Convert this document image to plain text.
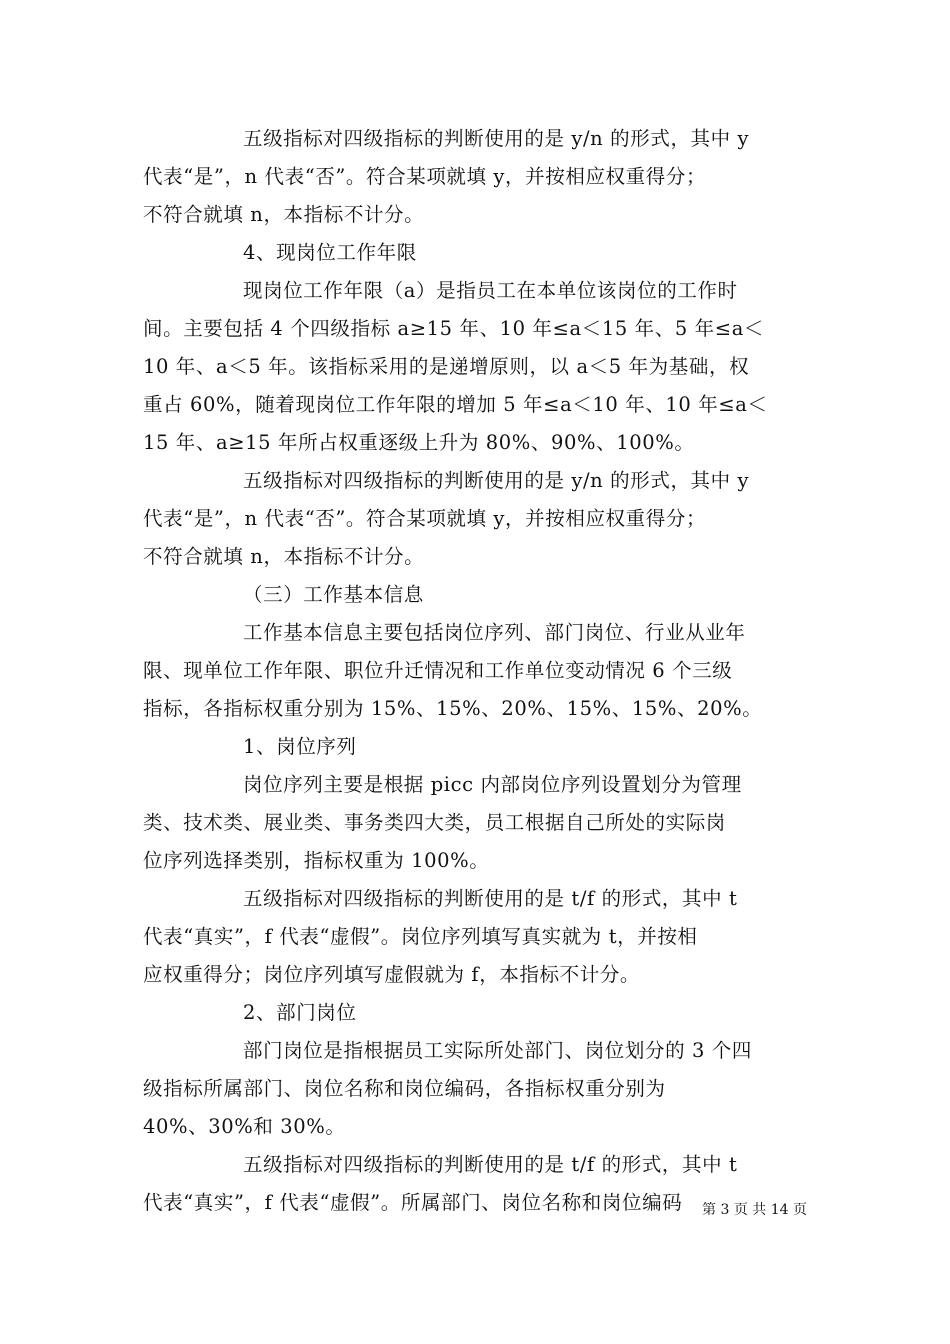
五级指标对四级指标的判断使用的是 y/n 的形式，其中 y
代表“是”，n 代表“否”。符合某项就填 y，并按相应权重得分；
不符合就填 n，本指标不计分。
4、现岗位工作年限
现岗位工作年限（a）是指员工在本单位该岗位的工作时
间。主要包括 4 个四级指标 a≥15 年、10 年≤a＜15 年、5 年≤a＜
10 年、a＜5 年。该指标采用的是递增原则，以 a＜5 年为基础，权
重占 60%，随着现岗位工作年限的增加 5 年≤a＜10 年、10 年≤a＜
15 年、a≥15 年所占权重逐级上升为 80%、90%、100%。
五级指标对四级指标的判断使用的是 y/n 的形式，其中 y
代表“是”，n 代表“否”。符合某项就填 y，并按相应权重得分；
不符合就填 n，本指标不计分。
（三）工作基本信息
工作基本信息主要包括岗位序列、部门岗位、行业从业年
限、现单位工作年限、职位升迁情况和工作单位变动情况 6 个三级
指标，各指标权重分别为 15%、15%、20%、15%、15%、20%。
1、岗位序列
岗位序列主要是根据 picc 内部岗位序列设置划分为管理
类、技术类、展业类、事务类四大类，员工根据自己所处的实际岗
位序列选择类别，指标权重为 100%。
五级指标对四级指标的判断使用的是 t/f 的形式，其中 t
代表“真实”，f 代表“虚假”。岗位序列填写真实就为 t，并按相
应权重得分；岗位序列填写虚假就为 f，本指标不计分。
2、部门岗位
部门岗位是指根据员工实际所处部门、岗位划分的 3 个四
级指标所属部门、岗位名称和岗位编码，各指标权重分别为
40%、30%和 30%。
五级指标对四级指标的判断使用的是 t/f 的形式，其中 t
代表“真实”，f 代表“虚假”。所属部门、岗位名称和岗位编码	第 3 页 共 14 页
